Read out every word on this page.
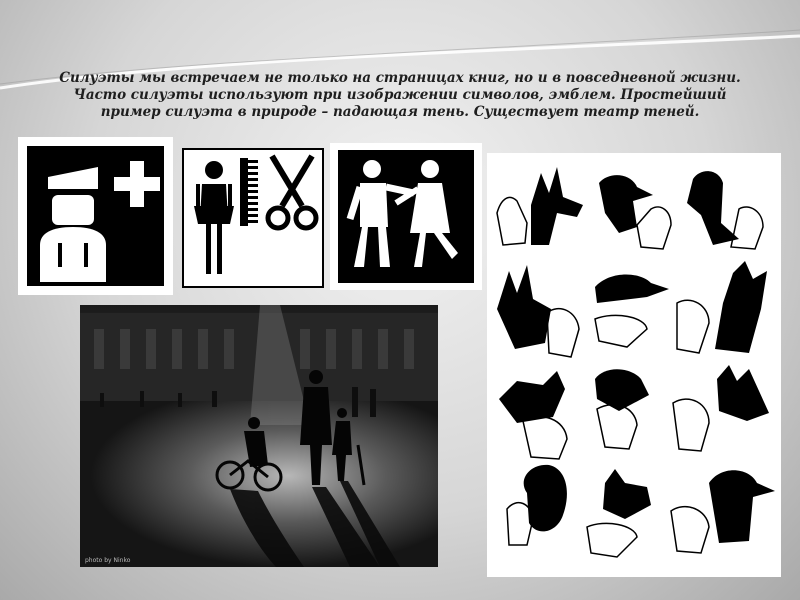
Силуэты мы встречаем не только на страницах книг, но и в повседневной жизни.
Часто силуэты используют при изображении символов, эмблем. Простейший
пример силуэта в природе – падающая тень. Существует театр теней.
photo by Ninko
